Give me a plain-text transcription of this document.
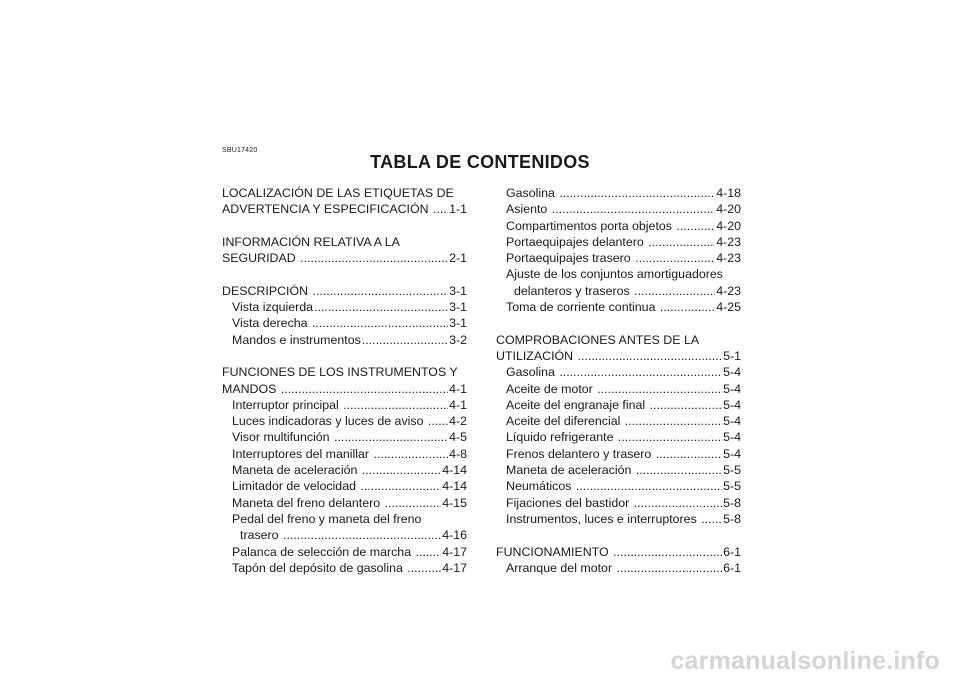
SBU17420
TABLA DE CONTENIDOS
LOCALIZACIÓN DE LAS ETIQUETAS DE
ADVERTENCIA Y ESPECIFICACIÓN ..... 1-1
INFORMACIÓN RELATIVA A LA
SEGURIDAD .....	2-1
DESCRIPCIÓN .....	3-1
Vista izquierda .....	3-1
Vista derecha .....	3-1
Mandos e instrumentos .....	3-2
FUNCIONES DE LOS INSTRUMENTOS Y
MANDOS .....	4-1
Interruptor principal .....	4-1
Luces indicadoras y luces de aviso ..... 4-2
Visor multifunción .....	4-5
Interruptores del manillar .....	4-8
Maneta de aceleración .....	4-14
Limitador de velocidad .....	4-14
Maneta del freno delantero .....	4-15
Pedal del freno y maneta del freno
trasero .....	4-16
Palanca de selección de marcha ..... 4-17
Tapón del depósito de gasolina .....	4-17
Gasolina .....	4-18
Asiento .....	4-20
Compartimentos porta objetos .....	4-20
Portaequipajes delantero .....	4-23
Portaequipajes trasero .....	4-23
Ajuste de los conjuntos amortiguadores
delanteros y traseros .....	4-23
Toma de corriente continua .....	4-25
COMPROBACIONES ANTES DE LA
UTILIZACIÓN .....	5-1
Gasolina .....	5-4
Aceite de motor .....	5-4
Aceite del engranaje final .....	5-4
Aceite del diferencial .....	5-4
Líquido refrigerante .....	5-4
Frenos delantero y trasero .....	5-4
Maneta de aceleración .....	5-5
Neumáticos .....	5-5
Fijaciones del bastidor .....	5-8
Instrumentos, luces e interruptores ..... 5-8
FUNCIONAMIENTO .....	6-1
Arranque del motor .....	6-1
carmanualsonline.info
